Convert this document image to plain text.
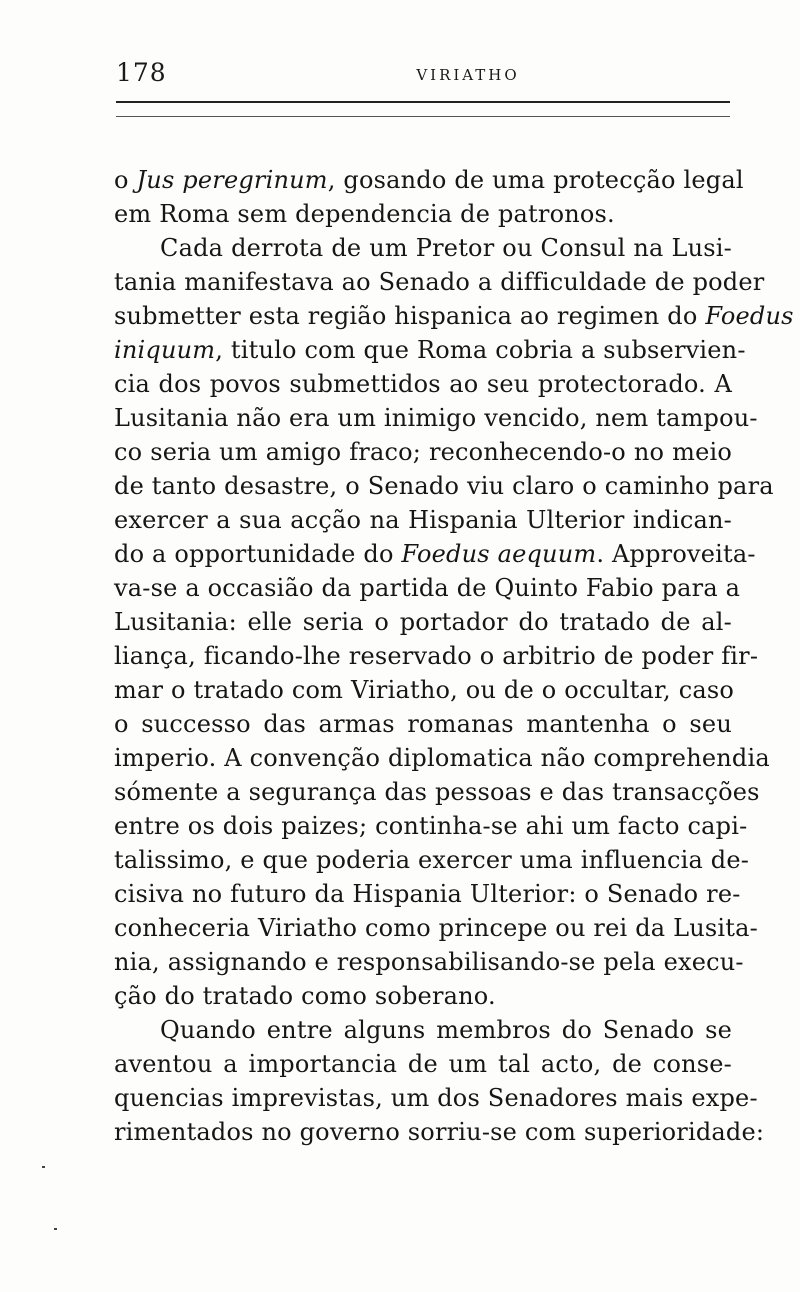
178	VIRIATHO
o Jus peregrinum, gosando de uma protecção legal
em Roma sem dependencia de patronos.
Cada derrota de um Pretor ou Consul na Lusi-
tania manifestava ao Senado a difficuldade de poder
submetter esta região hispanica ao regimen do Foedus
iniquum, titulo com que Roma cobria a subservien-
cia dos povos submettidos ao seu protectorado. A
Lusitania não era um inimigo vencido, nem tampou-
co seria um amigo fraco; reconhecendo-o no meio
de tanto desastre, o Senado viu claro o caminho para
exercer a sua acção na Hispania Ulterior indican-
do a opportunidade do Foedus aequum. Approveita-
va-se a occasião da partida de Quinto Fabio para a
Lusitania: elle seria o portador do tratado de al-
liança, ficando-lhe reservado o arbitrio de poder fir-
mar o tratado com Viriatho, ou de o occultar, caso
o successo das armas romanas mantenha o seu
imperio. A convenção diplomatica não comprehendia
sómente a segurança das pessoas e das transacções
entre os dois paizes; continha-se ahi um facto capi-
talissimo, e que poderia exercer uma influencia de-
cisiva no futuro da Hispania Ulterior: o Senado re-
conheceria Viriatho como princepe ou rei da Lusita-
nia, assignando e responsabilisando-se pela execu-
ção do tratado como soberano.
Quando entre alguns membros do Senado se
aventou a importancia de um tal acto, de conse-
quencias imprevistas, um dos Senadores mais expe-
rimentados no governo sorriu-se com superioridade:
